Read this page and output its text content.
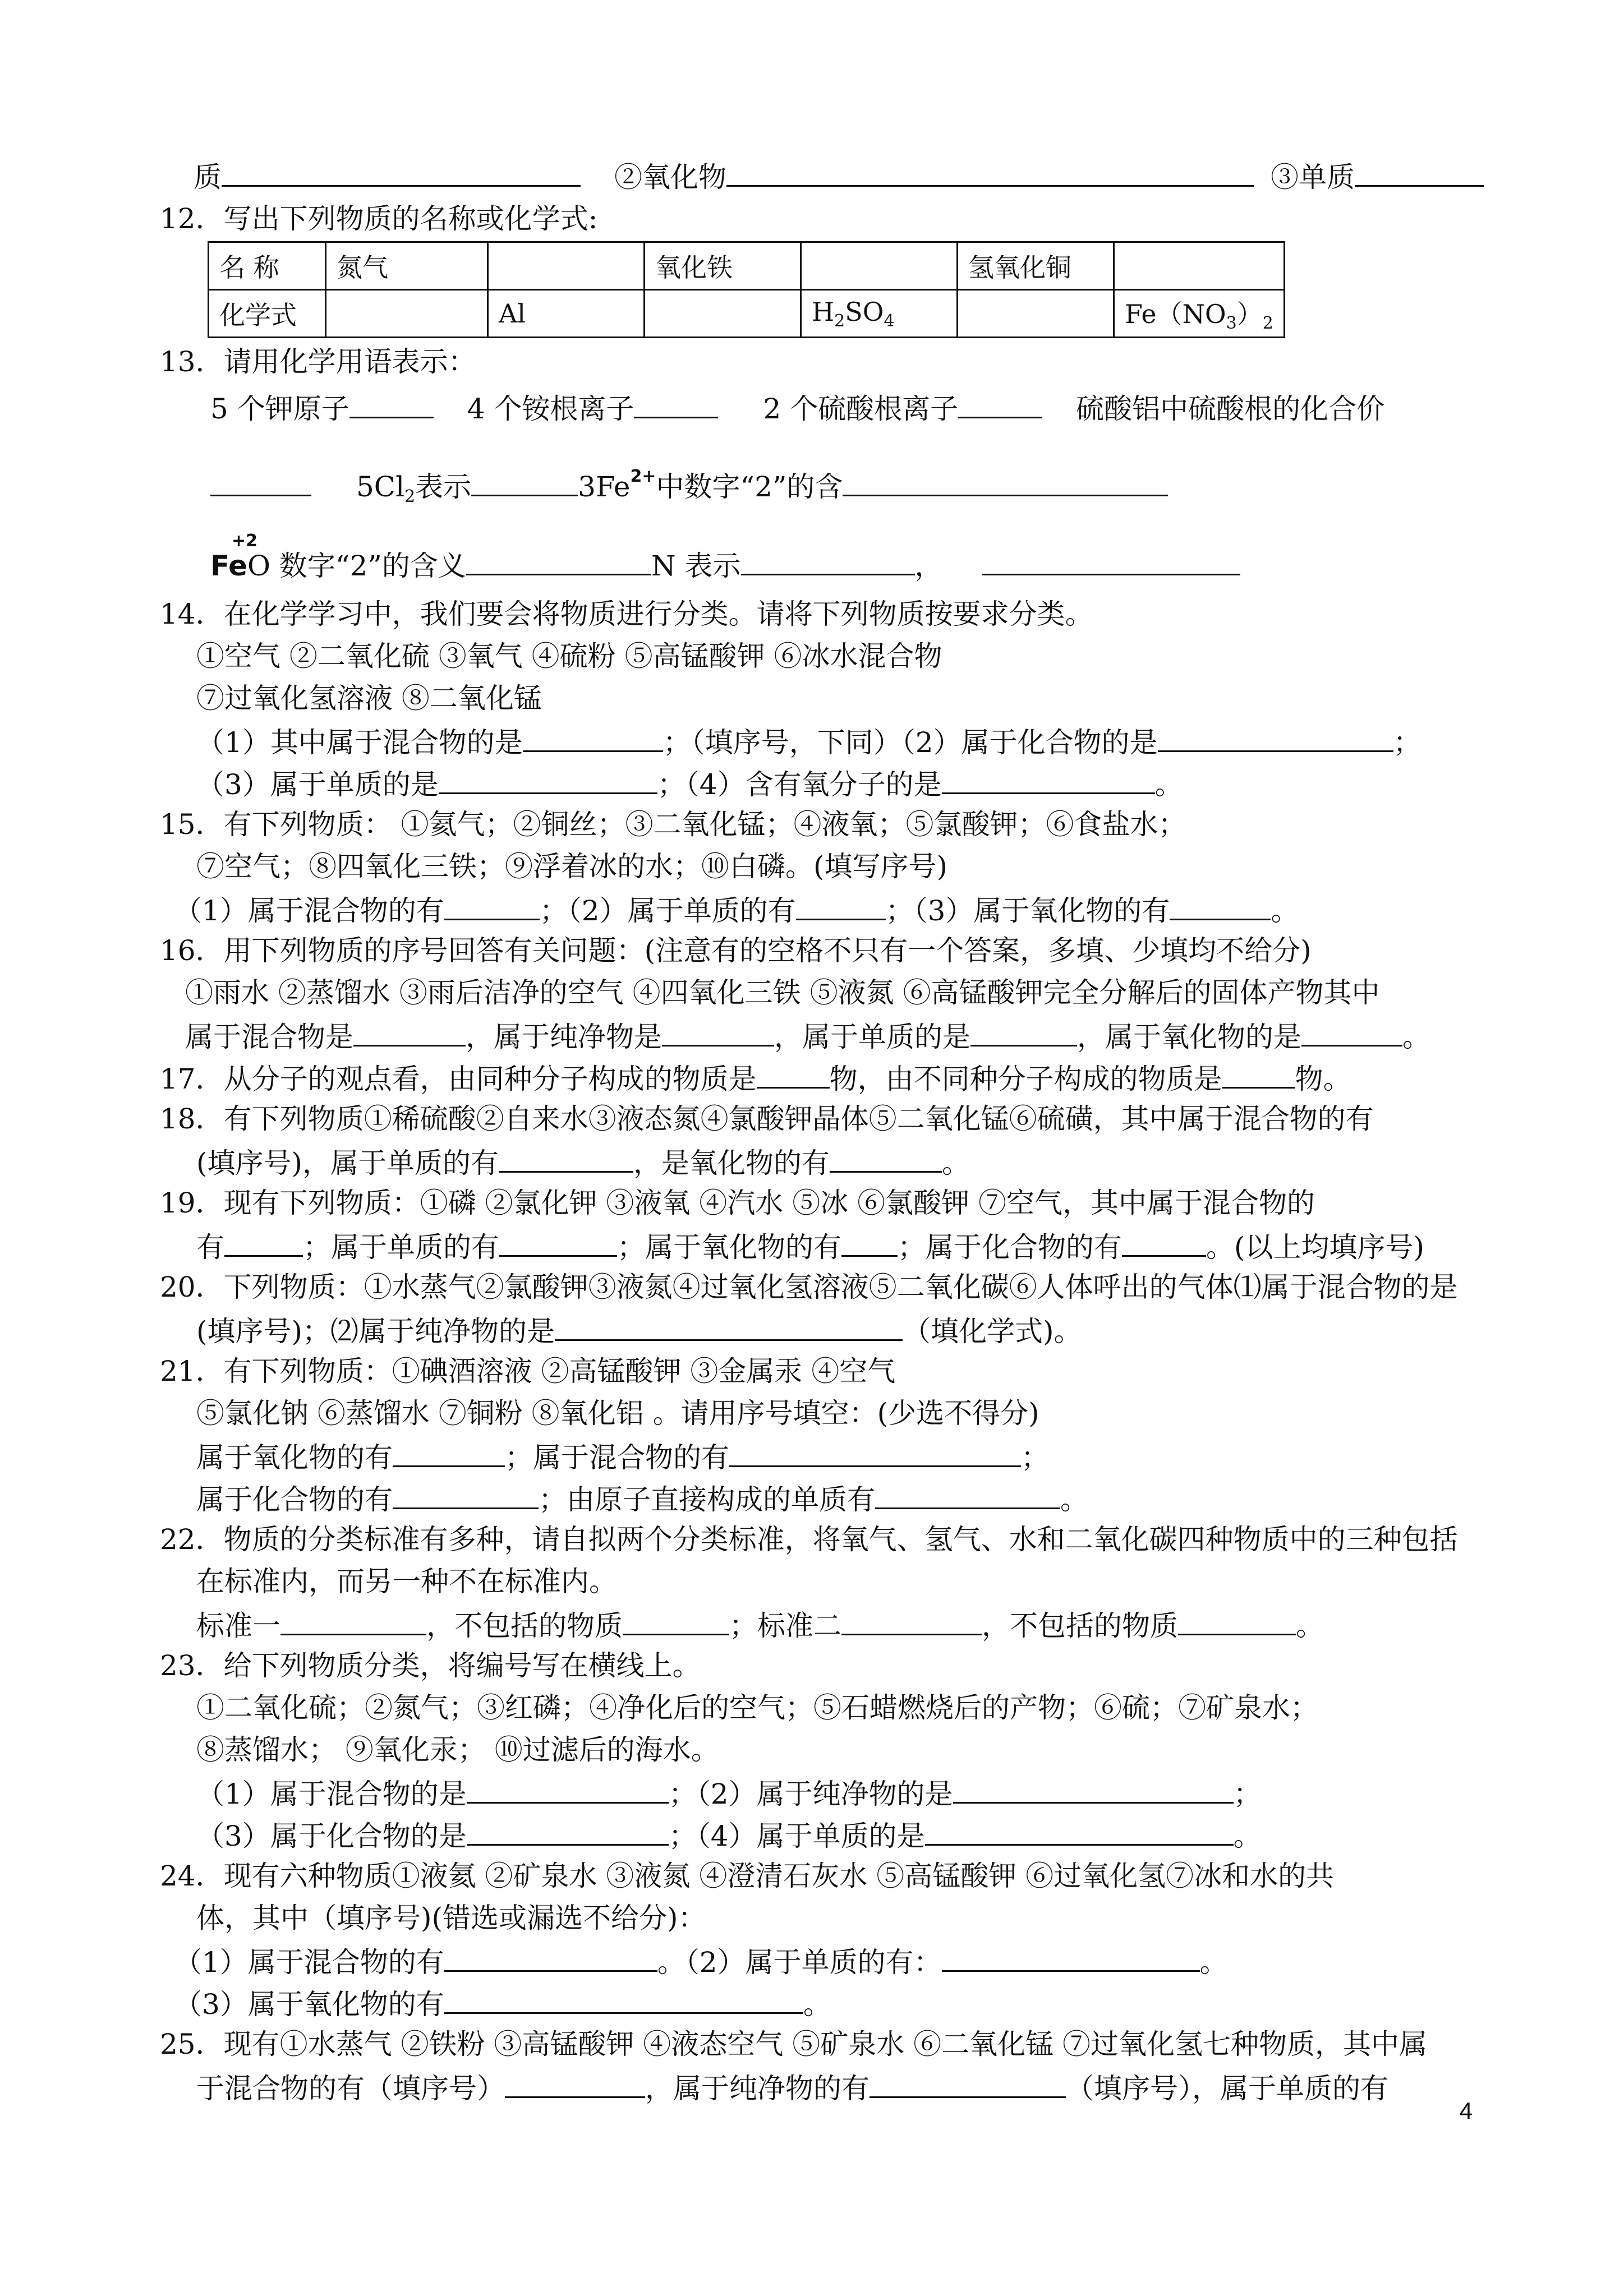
质	②氧化物	③单质
12．写出下列物质的名称或化学式:
名 称	氮气		氧化铁		氢氧化铜	
化学式		Al		$H_2SO_4$		$Fe(NO_3)_2$
13．请用化学用语表示：
5 个钾原子	4 个铵根离子	2 个硫酸根离子	硫酸铝中硫酸根的化合价
$5Cl_2$表示	$3Fe^{2+}$中数字“2”的含
+2
FeO 数字“2”的含义	N 表示	，
14．在化学学习中，我们要会将物质进行分类。请将下列物质按要求分类。
①空气 ②二氧化硫 ③氧气 ④硫粉 ⑤高锰酸钾 ⑥冰水混合物
⑦过氧化氢溶液 ⑧二氧化锰
（1）其中属于混合物的是	；（填序号，下同）（2）属于化合物的是	；
（3）属于单质的是	；（4）含有氧分子的是	。
15．有下列物质： ①氦气；②铜丝；③二氧化锰；④液氧；⑤氯酸钾；⑥食盐水；
⑦空气；⑧四氧化三铁；⑨浮着冰的水；⑩白磷。(填写序号)
（1）属于混合物的有	；（2）属于单质的有	；（3）属于氧化物的有	。
16．用下列物质的序号回答有关问题：(注意有的空格不只有一个答案，多填、少填均不给分)
①雨水 ②蒸馏水 ③雨后洁净的空气 ④四氧化三铁 ⑤液氮 ⑥高锰酸钾完全分解后的固体产物其中
属于混合物是	，属于纯净物是	，属于单质的是	，属于氧化物的是	。
17．从分子的观点看，由同种分子构成的物质是	物，由不同种分子构成的物质是	物。
18．有下列物质①稀硫酸②自来水③液态氮④氯酸钾晶体⑤二氧化锰⑥硫磺，其中属于混合物的有
(填序号)，属于单质的有	，是氧化物的有	。
19．现有下列物质：①磷 ②氯化钾 ③液氧 ④汽水 ⑤冰 ⑥氯酸钾 ⑦空气，其中属于混合物的
有	；属于单质的有	；属于氧化物的有 ；属于化合物的有	。(以上均填序号)
20．下列物质：①水蒸气②氯酸钾③液氮④过氧化氢溶液⑤二氧化碳⑥人体呼出的气体⑴属于混合物的是
(填序号)；⑵属于纯净物的是	（填化学式)。
21．有下列物质：①碘酒溶液 ②高锰酸钾 ③金属汞 ④空气
⑤氯化钠 ⑥蒸馏水 ⑦铜粉 ⑧氧化铝 。请用序号填空：(少选不得分)
属于氧化物的有	；属于混合物的有	；
属于化合物的有	；由原子直接构成的单质有	。
22．物质的分类标准有多种，请自拟两个分类标准，将氧气、氢气、水和二氧化碳四种物质中的三种包括
在标准内，而另一种不在标准内。
标准一	，不包括的物质	；标准二	，不包括的物质	。
23．给下列物质分类，将编号写在横线上。
①二氧化硫；②氮气；③红磷；④净化后的空气；⑤石蜡燃烧后的产物；⑥硫；⑦矿泉水；
⑧蒸馏水； ⑨氧化汞； ⑩过滤后的海水。
（1）属于混合物的是	；（2）属于纯净物的是	；
（3）属于化合物的是	；（4）属于单质的是	。
24．现有六种物质①液氦 ②矿泉水 ③液氮 ④澄清石灰水 ⑤高锰酸钾 ⑥过氧化氢⑦冰和水的共
体，其中（填序号)(错选或漏选不给分)：
（1）属于混合物的有	。（2）属于单质的有：	。
（3）属于氧化物的有	。
25．现有①水蒸气 ②铁粉 ③高锰酸钾 ④液态空气 ⑤矿泉水 ⑥二氧化锰 ⑦过氧化氢七种物质，其中属
于混合物的有（填序号）	，属于纯净物的有	（填序号），属于单质的有
4
